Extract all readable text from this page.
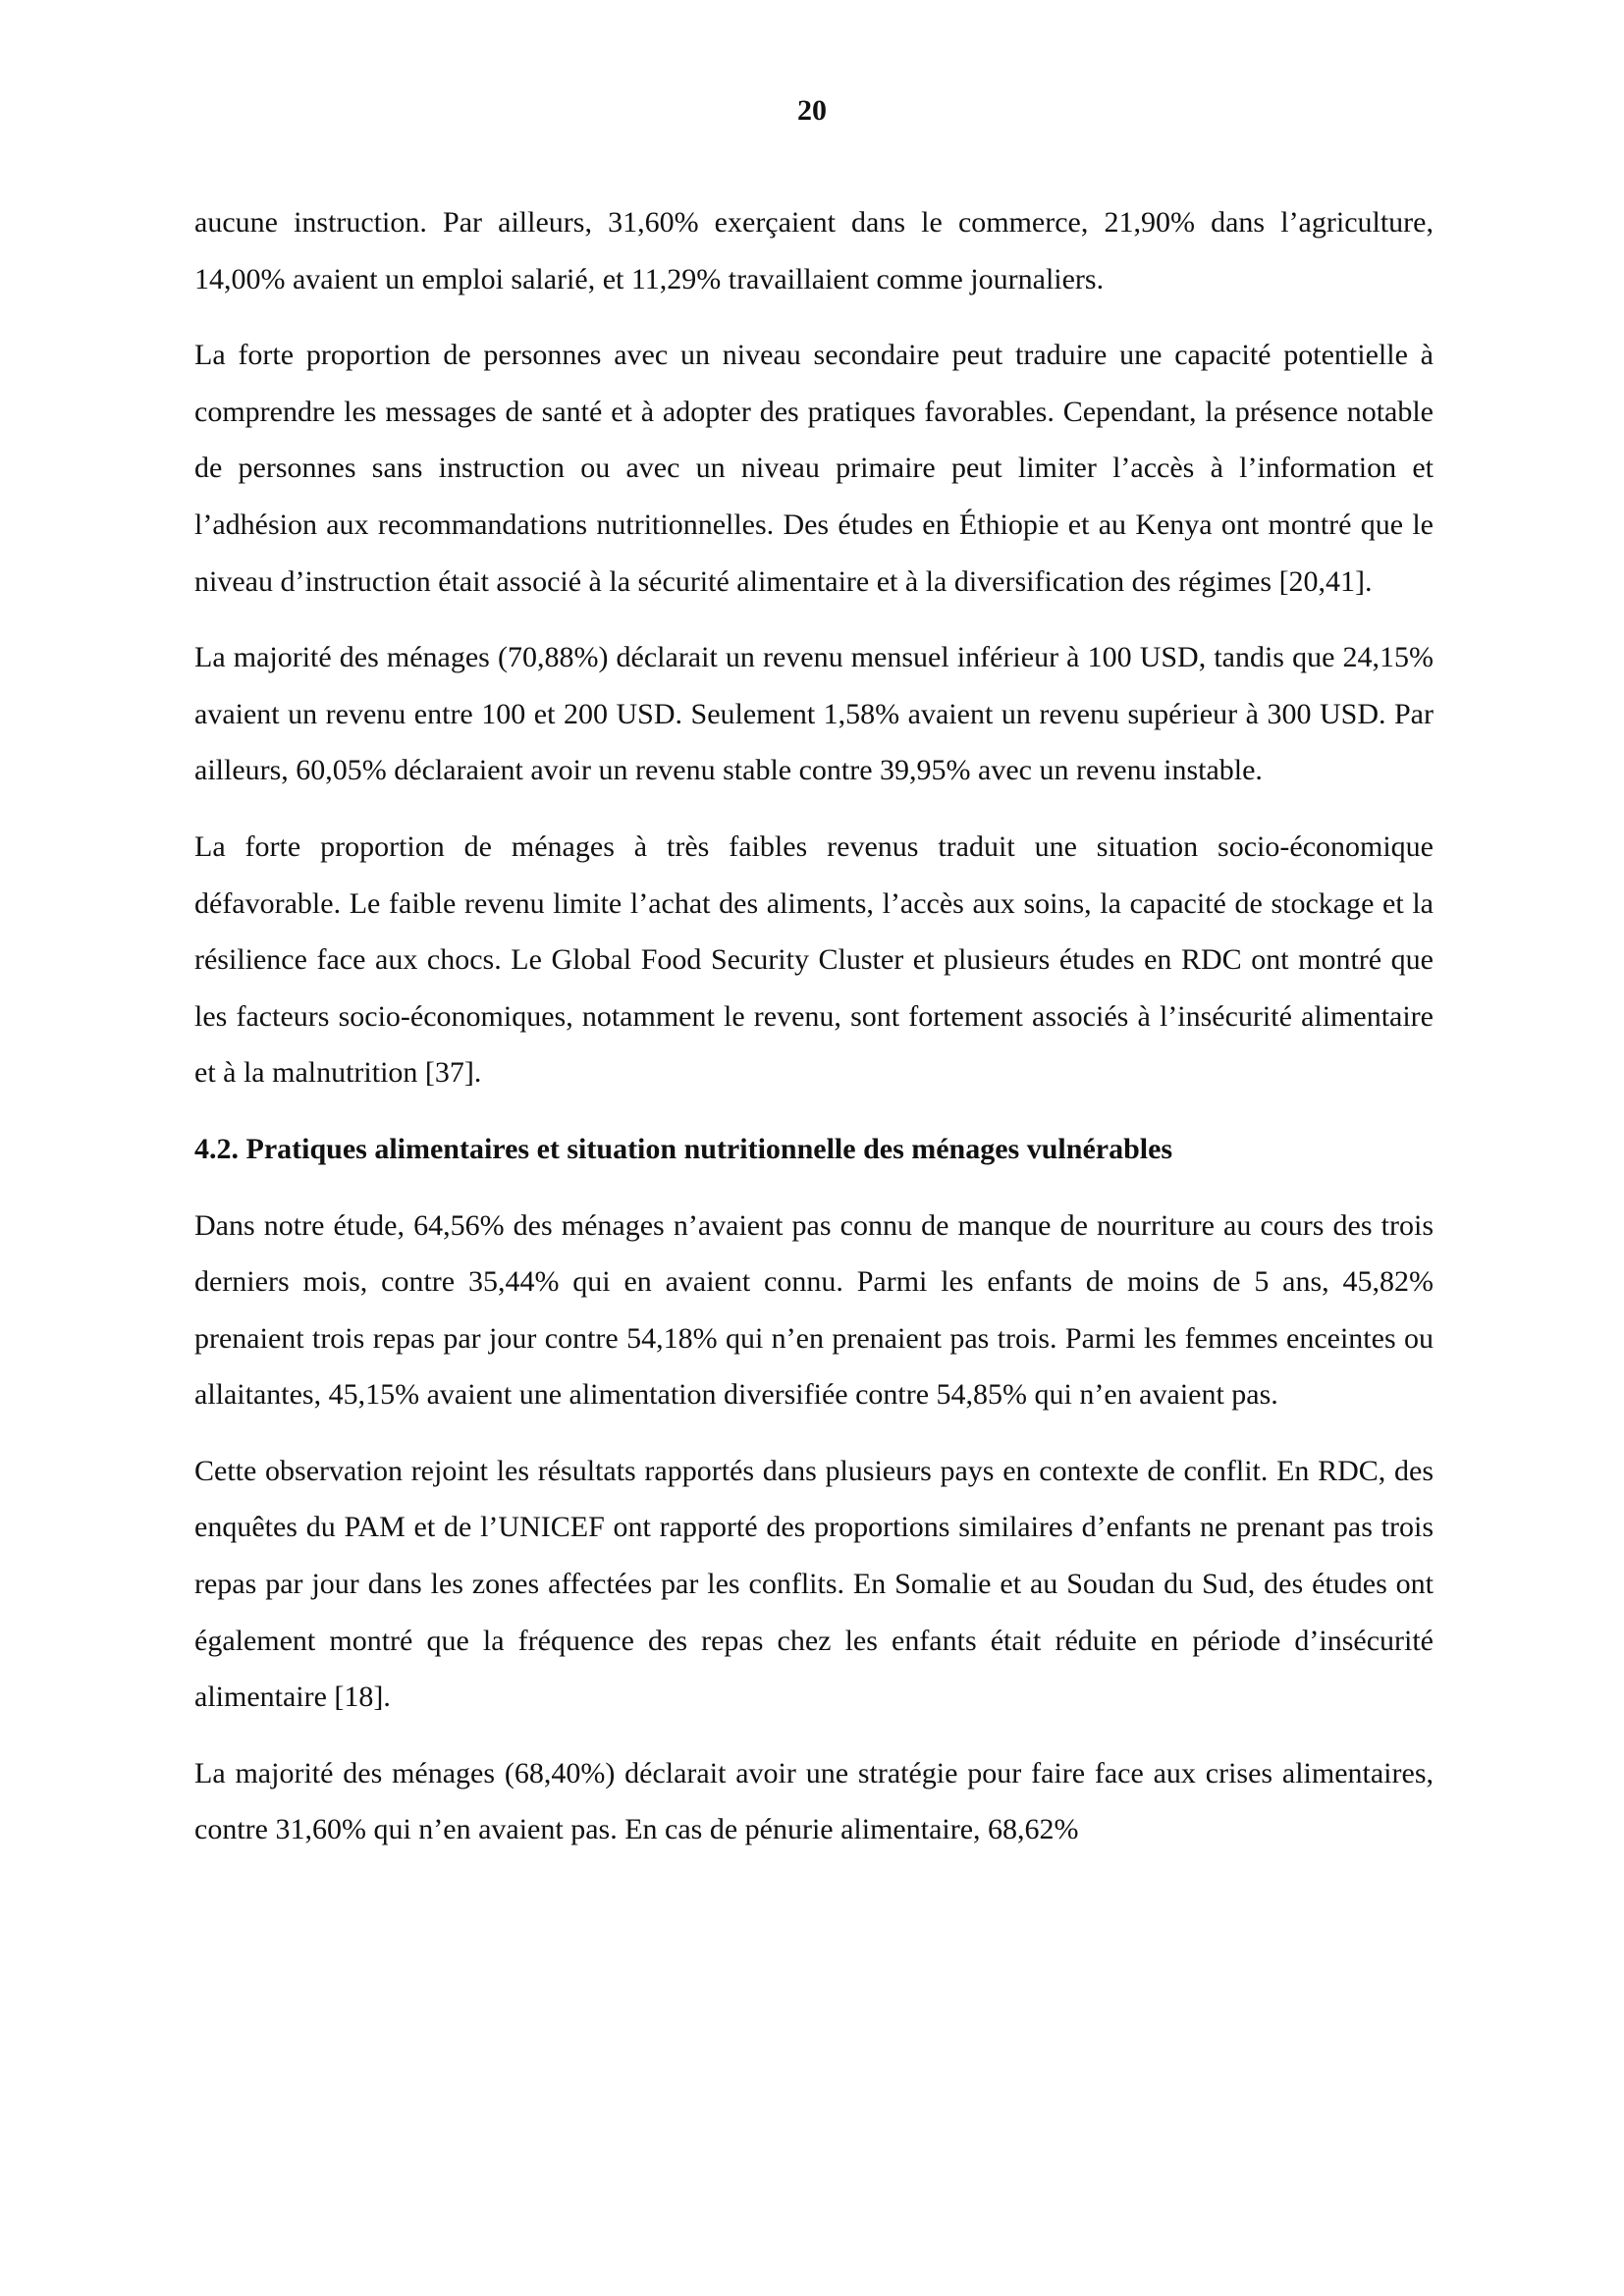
20

aucune instruction. Par ailleurs, 31,60% exerçaient dans le commerce, 21,90% dans l’agriculture, 14,00% avaient un emploi salarié, et 11,29% travaillaient comme journaliers.

La forte proportion de personnes avec un niveau secondaire peut traduire une capacité potentielle à comprendre les messages de santé et à adopter des pratiques favorables. Cependant, la présence notable de personnes sans instruction ou avec un niveau primaire peut limiter l’accès à l’information et l’adhésion aux recommandations nutritionnelles. Des études en Éthiopie et au Kenya ont montré que le niveau d’instruction était associé à la sécurité alimentaire et à la diversification des régimes [20,41].

La majorité des ménages (70,88%) déclarait un revenu mensuel inférieur à 100 USD, tandis que 24,15% avaient un revenu entre 100 et 200 USD. Seulement 1,58% avaient un revenu supérieur à 300 USD. Par ailleurs, 60,05% déclaraient avoir un revenu stable contre 39,95% avec un revenu instable.

La forte proportion de ménages à très faibles revenus traduit une situation socio-économique défavorable. Le faible revenu limite l’achat des aliments, l’accès aux soins, la capacité de stockage et la résilience face aux chocs. Le Global Food Security Cluster et plusieurs études en RDC ont montré que les facteurs socio-économiques, notamment le revenu, sont fortement associés à l’insécurité alimentaire et à la malnutrition [37].

4.2. Pratiques alimentaires et situation nutritionnelle des ménages vulnérables

Dans notre étude, 64,56% des ménages n’avaient pas connu de manque de nourriture au cours des trois derniers mois, contre 35,44% qui en avaient connu. Parmi les enfants de moins de 5 ans, 45,82% prenaient trois repas par jour contre 54,18% qui n’en prenaient pas trois. Parmi les femmes enceintes ou allaitantes, 45,15% avaient une alimentation diversifiée contre 54,85% qui n’en avaient pas.

Cette observation rejoint les résultats rapportés dans plusieurs pays en contexte de conflit. En RDC, des enquêtes du PAM et de l’UNICEF ont rapporté des proportions similaires d’enfants ne prenant pas trois repas par jour dans les zones affectées par les conflits. En Somalie et au Soudan du Sud, des études ont également montré que la fréquence des repas chez les enfants était réduite en période d’insécurité alimentaire [18].

La majorité des ménages (68,40%) déclarait avoir une stratégie pour faire face aux crises alimentaires, contre 31,60% qui n’en avaient pas. En cas de pénurie alimentaire, 68,62%
